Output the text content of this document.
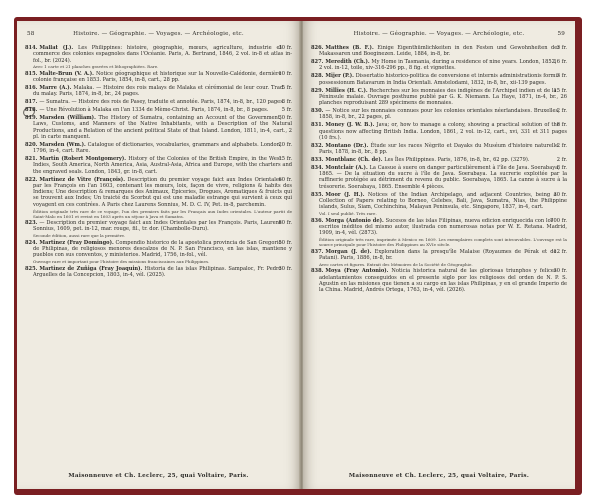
58	Histoire. — Géographie. — Voyages. — Archéologie, etc.
30 fr.
814. Mallat (J.). Les Philippines: histoire, géographie, mœurs, agriculture, industrie et commerce des colonies espagnoles dans l'Océanie. Paris, A. Bertrand, 1846, 2 vol. in-8 et atlas in-fol., br. (2024).
Avec 1 carte et 21 planches gravées et lithographiées. Rare.
10 fr.
815. Malte-Brun (V. A.). Notice géographique et historique sur la Nouvelle-Calédonie, dernière colonie française en 1853. Paris, 1854, in-8, cart., 28 pp.
5 fr.
816. Marre (A.). Malaka. — Histoire des rois malays de Malaka et cérémonial de leur cour. Trad. du malay. Paris, 1874, in-8, br., 24 pages.
8 fr.
817. — Sumatra. — Histoire des rois de Pasey, traduite et annotée. Paris, 1874, in-8, br., 120 pages.
5 fr.
818. — Une Révolution à Malaka en l'an 1334 de Mème-Christ. Paris, 1874, in-8, br., 8 pages.
30 fr.
819. Marsden (William). The History of Sumatra, containing an Account of the Government, Laws, Customs, and Manners of the Native Inhabitants, with a Description of the Natural Productions, and a Relation of the ancient political State of that Island. London, 1811, in-4, cart., 2 pl. in carte manquent.
20 fr.
820. Marsden (Wm.). Catalogue of dictionaries, vocabularies, grammars and alphabets. London, 1796, in-4, cart. Rare.
15 fr.
821. Martin (Robert Montgomery). History of the Colonies of the British Empire, in the West Indies, South America, North America, Asia, Austral-Asia, Africa and Europe, with the charters and the engraved seals. London, 1843, gr. in-8, cart.
60 fr.
822. Martinez de Vitre (François). Description du premier voyage faict aux Indes Orientales par les François en l'an 1603, contenant les mœurs, loix, façon de vivre, religions & habits des Indiens; Une description & remarques des Animaux, Épiceries, Drogues, Aromatiques & fruicts qui se trouvent aux Indes; Un traicté du Scorbut qui est une maladie estrange qui survient à ceux qui voyagent en ces contrées. A Paris chez Laurens Sonnius, M. D. C. IV, Pet. in-8, parchemin.
Édition originale très rare de ce voyage, l'un des premiers faits par les Français aux Indes orientales. L'auteur partit de Saint-Malo en 1601 et revint en 1603 après un séjour à Java et Sumatra.
80 fr.
823. — Description du premier voyage faict aux Indes Orientales par les François. Paris, Laurens Sonnius, 1609, pet. in-12, mar. rouge, fil., tr. dor. (Chambolle-Duru).
Seconde édition, aussi rare que la première.
50 fr.
824. Martinez (Fray Domingo). Compendio historico de la apostolica provincia de San Gregorio de Philipinas, de religiosos menores descalzos de N. P. San Francisco, en las islas, mantiene y pueblos con sus conventos, y ministerios. Madrid, 1756, in-fol., vél.
Ouvrage rare et important pour l'histoire des missions franciscaines aux Philippines.
30 fr.
825. Martinez de Zuñiga (Fray Joaquin). Historia de las islas Philipinas. Sampaloc, Fr. Pedro Arguelles de la Concepcion, 1803, in-4, vél. (2025).
Maisonneuve et Ch. Leclerc, 25, quai Voltaire, Paris.
Histoire. — Géographie. — Voyages. — Archéologie, etc.	59
3 fr.
826. Matthes (B. F.). Einige Eigenthümlichkeiten in den Festen und Gewohnheiten der Makassaren und Boeginezen. Leide, 1884, in-8, br.
16 fr.
827. Meredith (Ch.). My Home in Tasmania, during a residence of nine years. London, 1852, 2 vol. in-12, toile, xiv-316-296 pp., 8 fig. et vignettes.
3 fr.
828. Mijer (P.). Dissertatio historico-politica de conversione et internis administrationis formis possessionum Batavarum in India Orientali. Amstelodami, 1832, in-8, br., xii-139 pages.
15 fr.
829. Millies (H. C.). Recherches sur les monnaies des indigènes de l'Archipel indien et de la Péninsule malaie. Ouvrage posthume publié par G. K. Niemann. La Haye, 1871, in-4, br., 26 planches reproduisant 289 spécimens de monnaies.
2 fr.
830. — Notice sur les monnaies connues pour les colonies orientales néerlandaises. Bruxelles, 1858, in-8, br., 22 pages, pl.
8 fr.
831. Money (J. W. B.). Java; or, how to manage a colony, showing a practical solution of the questions now affecting British India. London, 1861, 2 vol. in-12, cart., xvi, 331 et 311 pages (10 frs.).
2 fr.
832. Montano (Dr.). Étude sur les races Nègrito et Dayaks du Muséum d'histoire naturelle. Paris, 1878, in-8, br., 8 pp.
2 fr.
833. Montblanc (Ch. de). Les Îles Philippines. Paris, 1876, in-8, br., 62 pp. (3279).
8 fr.
834. Montclair (A.). La Cassue à suere on danger particulièrement à l'île de Java. Soerabaya, 1865. — De la situation du sucre à l'île de Java. Soerabaya. La sucrerie exploitée par la raffinerie protégée au détriment du revenu du public. Soerabaya, 1865. La canne à sucre à la trésorerie. Soerabaya, 1865. Ensemble 4 pièces.
30 fr.
835. Moor (J. H.). Notices of the Indian Archipelago, and adjacent Countries, being a Collection of Papers relating to Borneo, Celebes, Bali, Java, Sumatra, Nias, the Philippine islands, Sulus, Siam, Cochinchina, Malayan Peninsula, etc. Singapore, 1837, in-4, cart.
Vol. I seul publié. Très rare.
700 fr.
836. Morga (Antonio de). Sucesos de las islas Filipinas, nueva edicion enriquecida con los escritos inéditos del mismo autor, ilustrada con numerosas notas por W. E. Retana. Madrid, 1909, in-4, vél. (2873).
Édition originale très rare, imprimée à Mexico en 1609. Les exemplaires complets sont introuvables. L'ouvrage est la source principale pour l'histoire des Philippines au XVIe siècle.
12 fr.
837. Morgan (J. de). Exploration dans la presqu'île Malaise (Royaumes de Pérak et de Patani). Paris, 1886, in-8, br.
Avec cartes et figures. Extrait des Mémoires de la Société de Géographie.
30 fr.
838. Moya (Fray Antonio). Noticia historica natural de las gloriosas triunphos y felices adelantamientos conseguidos en el presente siglo por los religiosos del orden de N. P. S. Agustin en las misiones que tienen a su cargo en las islas Philipinas, y en el grande Imperio de la China. Madrid, Andrés Ortega, 1763, in-4, vél. (2026).
Maisonneuve et Ch. Leclerc, 25, quai Voltaire, Paris.
